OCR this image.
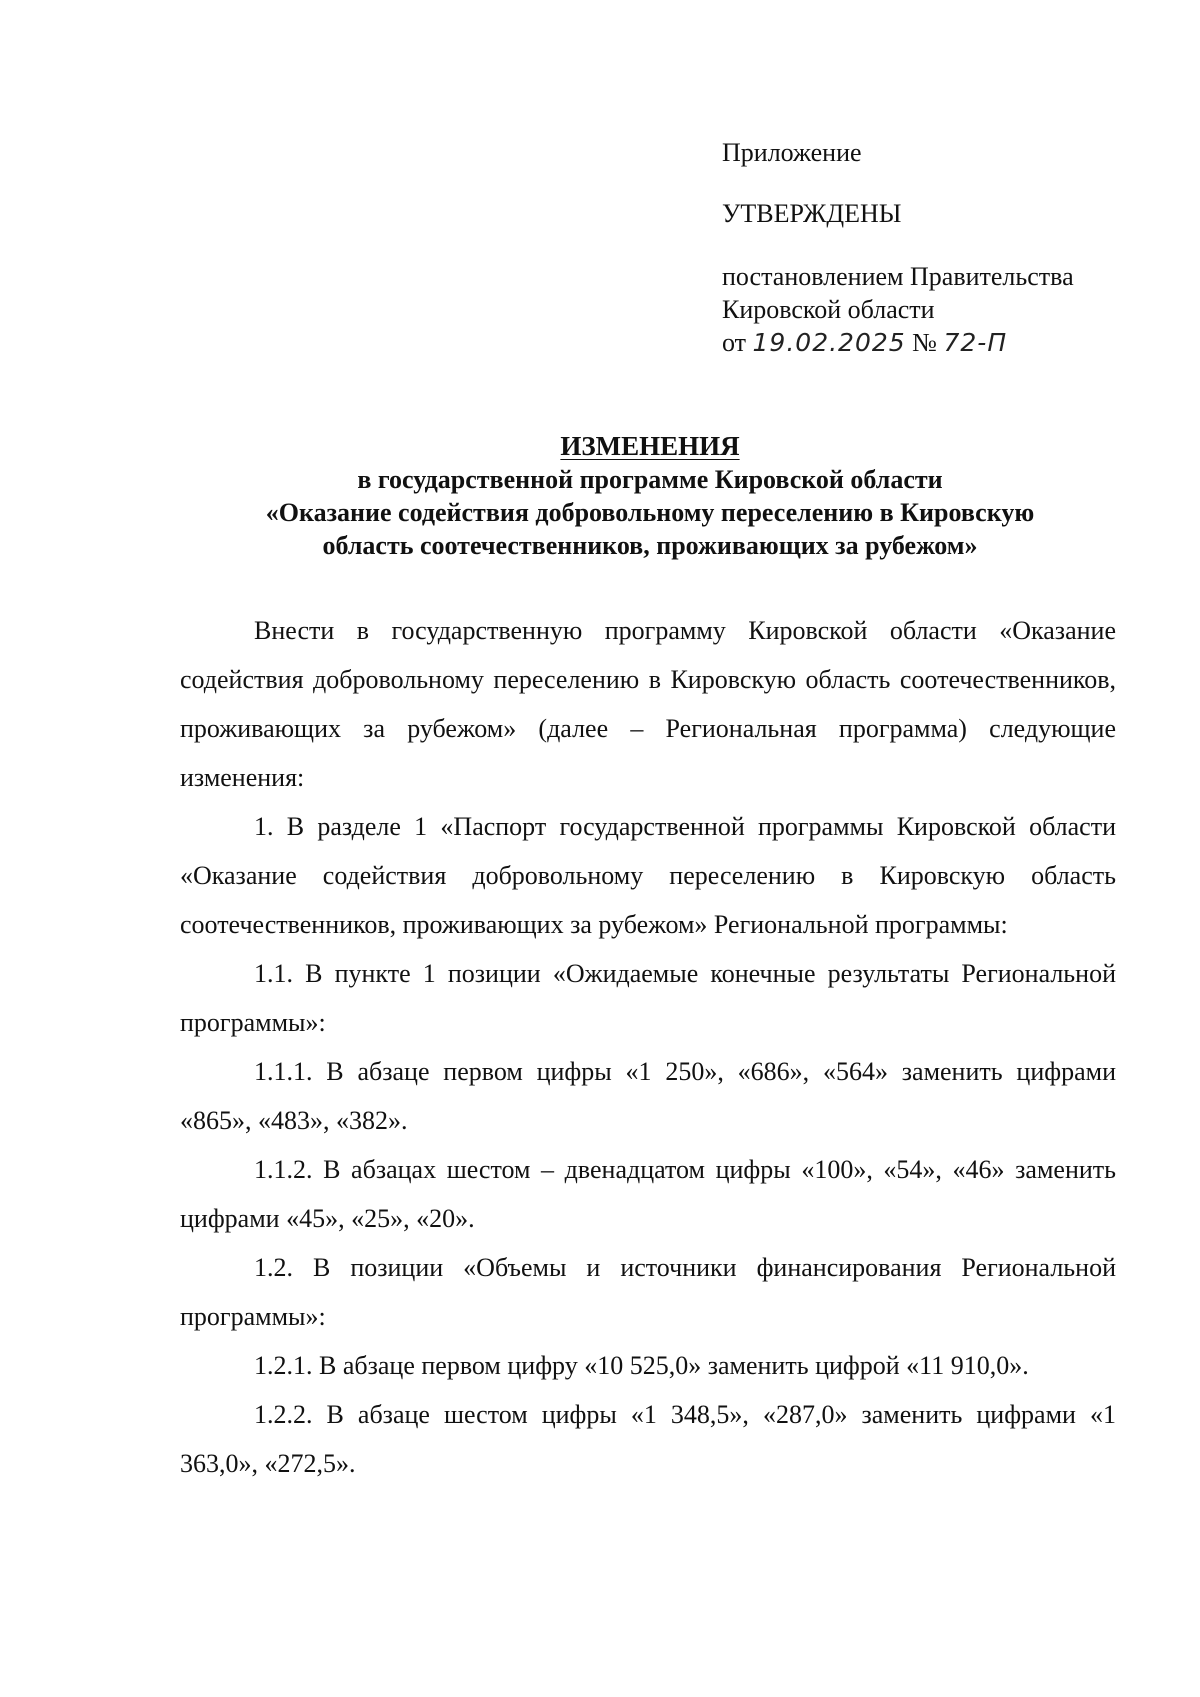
Приложение
УТВЕРЖДЕНЫ
постановлением Правительства
Кировской области
от 19.02.2025 № 72-П
ИЗМЕНЕНИЯ
в государственной программе Кировской области
«Оказание содействия добровольному переселению в Кировскую
область соотечественников, проживающих за рубежом»

Внести в государственную программу Кировской области «Оказание содействия добровольному переселению в Кировскую область соотечественников, проживающих за рубежом» (далее – Региональная программа) следующие изменения:

1. В разделе 1 «Паспорт государственной программы Кировской области «Оказание содействия добровольному переселению в Кировскую область соотечественников, проживающих за рубежом» Региональной программы:

1.1. В пункте 1 позиции «Ожидаемые конечные результаты Региональной программы»:

1.1.1. В абзаце первом цифры «1 250», «686», «564» заменить цифрами «865», «483», «382».

1.1.2. В абзацах шестом – двенадцатом цифры «100», «54», «46» заменить цифрами «45», «25», «20».

1.2. В позиции «Объемы и источники финансирования Региональной программы»:

1.2.1. В абзаце первом цифру «10 525,0» заменить цифрой «11 910,0».

1.2.2. В абзаце шестом цифры «1 348,5», «287,0» заменить цифрами «1 363,0», «272,5».
